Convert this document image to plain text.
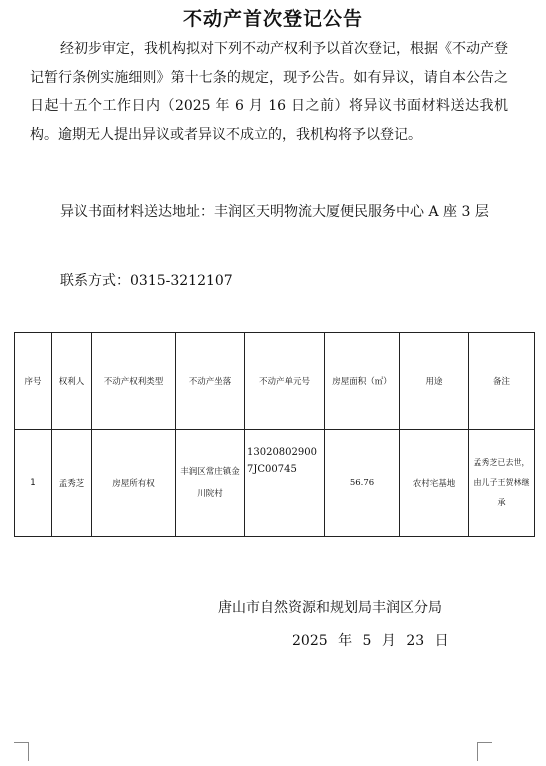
不动产首次登记公告
经初步审定，我机构拟对下列不动产权利予以首次登记，根据《不动产登记暂行条例实施细则》第十七条的规定，现予公告。如有异议，请自本公告之日起十五个工作日内（2025 年 6 月 16 日之前）将异议书面材料送达我机构。逾期无人提出异议或者异议不成立的，我机构将予以登记。
异议书面材料送达地址：丰润区天明物流大厦便民服务中心 A 座 3 层
联系方式：0315-3212107
序号	权利人	不动产权利类型	不动产坐落	不动产单元号	房屋面积（㎡）	用途	备注
1	孟秀芝	房屋所有权	丰润区常庄镇金川院村	130208029007JC00745	56.76	农村宅基地	孟秀芝已去世，由儿子王贺林继承
唐山市自然资源和规划局丰润区分局
2025 年 5 月 23 日
